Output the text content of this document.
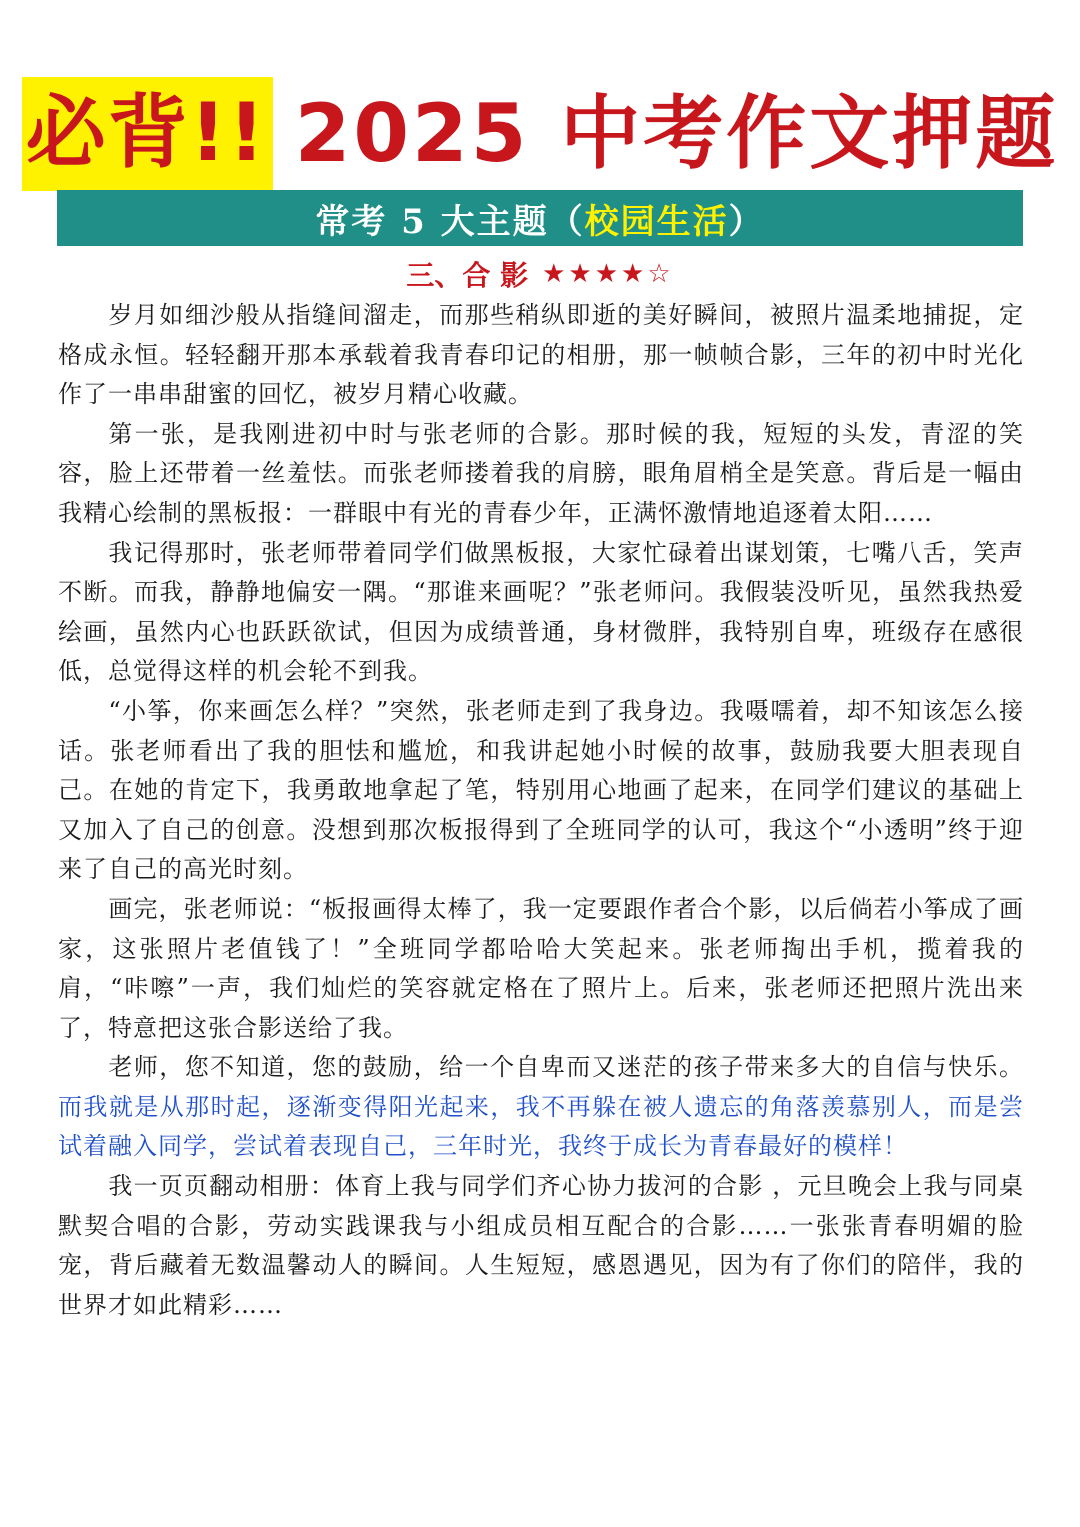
必背!! 2025 中考作文押题
常考 5 大主题（ 校园生活 ）
三、合 影 ★★★★☆

岁月如细沙般从指缝间溜走，而那些稍纵即逝的美好瞬间，被照片温柔地捕捉，定格成永恒。轻轻翻开那本承载着我青春印记的相册，那一帧帧合影，三年的初中时光化作了一串串甜蜜的回忆，被岁月精心收藏。

第一张，是我刚进初中时与张老师的合影。那时候的我，短短的头发，青涩的笑容，脸上还带着一丝羞怯。而张老师搂着我的肩膀，眼角眉梢全是笑意。背后是一幅由我精心绘制的黑板报：一群眼中有光的青春少年，正满怀激情地追逐着太阳……

我记得那时，张老师带着同学们做黑板报，大家忙碌着出谋划策，七嘴八舌，笑声不断。而我，静静地偏安一隅。“那谁来画呢？”张老师问。我假装没听见，虽然我热爱绘画，虽然内心也跃跃欲试，但因为成绩普通，身材微胖，我特别自卑，班级存在感很低，总觉得这样的机会轮不到我。

“小筝，你来画怎么样？”突然，张老师走到了我身边。我嗫嚅着，却不知该怎么接话。张老师看出了我的胆怯和尴尬，和我讲起她小时候的故事，鼓励我要大胆表现自己。在她的肯定下，我勇敢地拿起了笔，特别用心地画了起来，在同学们建议的基础上又加入了自己的创意。没想到那次板报得到了全班同学的认可，我这个“小透明”终于迎来了自己的高光时刻。

画完，张老师说：“板报画得太棒了，我一定要跟作者合个影，以后倘若小筝成了画家，这张照片老值钱了！”全班同学都哈哈大笑起来。张老师掏出手机，揽着我的肩，“咔嚓”一声，我们灿烂的笑容就定格在了照片上。后来，张老师还把照片洗出来了，特意把这张合影送给了我。

老师，您不知道，您的鼓励，给一个自卑而又迷茫的孩子带来多大的自信与快乐。而我就是从那时起，逐渐变得阳光起来，我不再躲在被人遗忘的角落羡慕别人，而是尝试着融入同学，尝试着表现自己，三年时光，我终于成长为青春最好的模样！

我一页页翻动相册：体育上我与同学们齐心协力拔河的合影 ，元旦晚会上我与同桌默契合唱的合影，劳动实践课我与小组成员相互配合的合影……一张张青春明媚的脸宠，背后藏着无数温馨动人的瞬间。人生短短，感恩遇见，因为有了你们的陪伴，我的世界才如此精彩……
